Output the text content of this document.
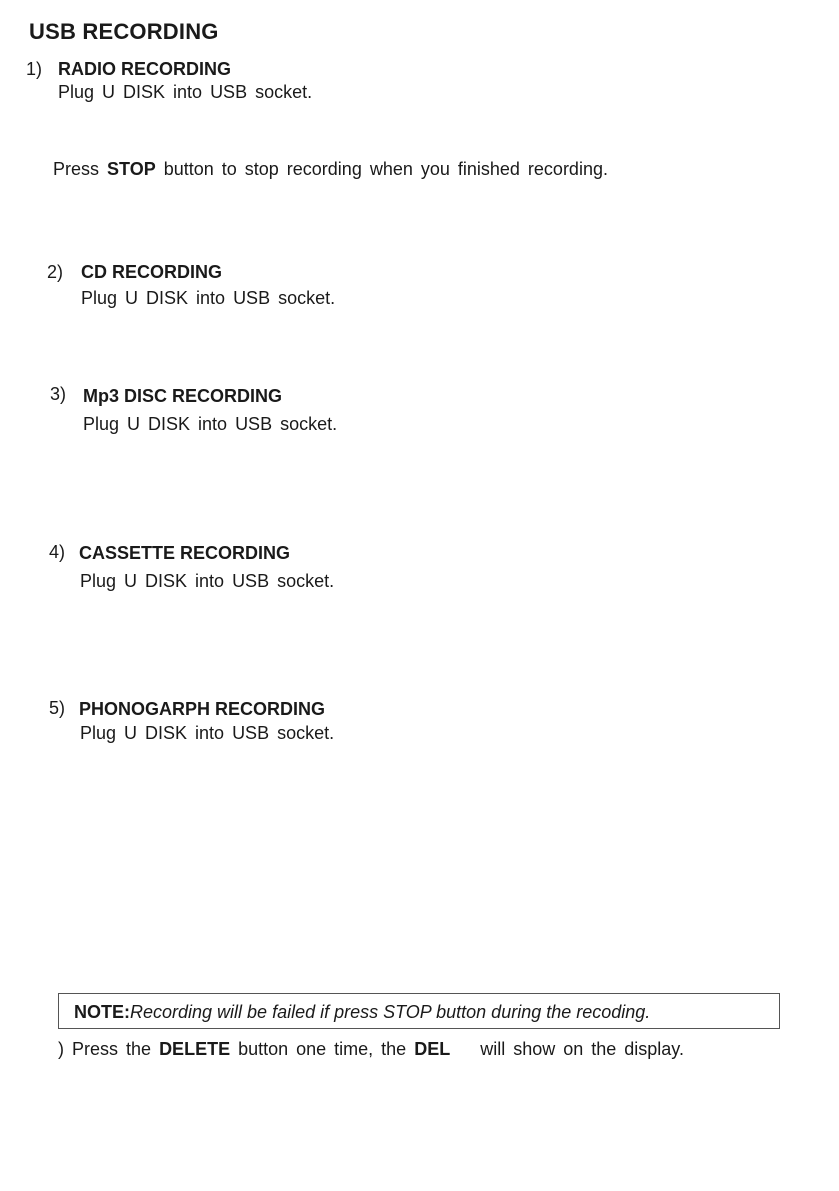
USB RECORDING
1) RADIO RECORDING
Plug U DISK into USB socket.
Press STOP button to stop recording when you finished recording.
2) CD RECORDING
Plug U DISK into USB socket.
3) Mp3 DISC RECORDING
Plug U DISK into USB socket.
4) CASSETTE RECORDING
Plug U DISK into USB socket.
5) PHONOGARPH RECORDING
Plug U DISK into USB socket.
NOTE:Recording will be failed if press STOP button during the recoding.
) Press the DELETE button one time, the DEL will show on the display.
